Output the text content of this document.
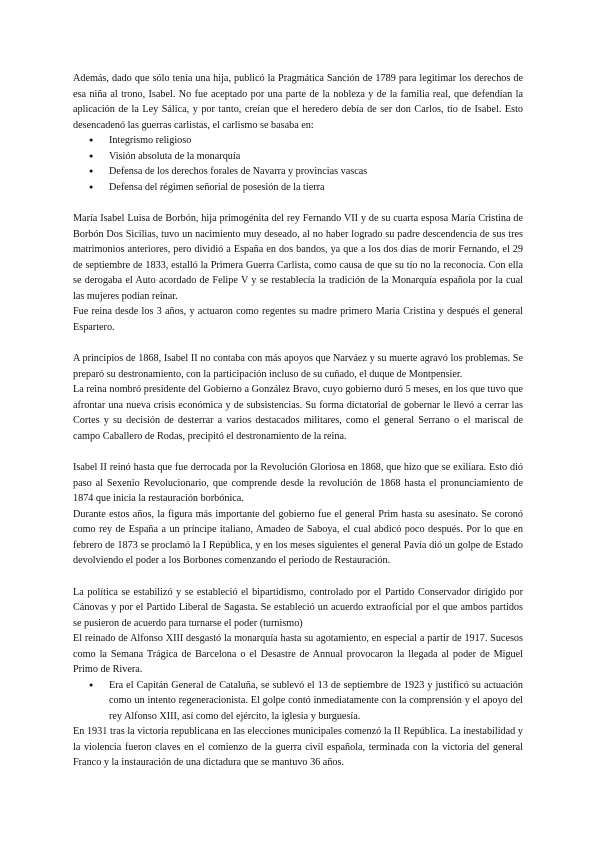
Además, dado que sólo tenía una hija, publicó la Pragmática Sanción de 1789 para legitimar los derechos de esa niña al trono, Isabel. No fue aceptado por una parte de la nobleza y de la familia real, que defendían la aplicación de la Ley Sálica, y por tanto, creían que el heredero debía de ser don Carlos, tío de Isabel. Esto desencadenó las guerras carlistas, el carlismo se basaba en:

● Integrismo religioso
● Visión absoluta de la monarquía
● Defensa de los derechos forales de Navarra y provincias vascas
● Defensa del régimen señorial de posesión de la tierra

María Isabel Luisa de Borbón, hija primogénita del rey Fernando VII y de su cuarta esposa María Cristina de Borbón Dos Sicilias, tuvo un nacimiento muy deseado, al no haber logrado su padre descendencia de sus tres matrimonios anteriores, pero dividió a España en dos bandos, ya que a los dos días de morir Fernando, el 29 de septiembre de 1833, estalló la Primera Guerra Carlista, como causa de que su tío no la reconocía. Con ella se derogaba el Auto acordado de Felipe V y se restablecía la tradición de la Monarquía española por la cual las mujeres podían reinar.

Fue reina desde los 3 años, y actuaron como regentes su madre primero María Cristina y después el general Espartero.

A principios de 1868, Isabel II no contaba con más apoyos que Narváez y su muerte agravó los problemas. Se preparó su destronamiento, con la participación incluso de su cuñado, el duque de Montpensier.

La reina nombró presidente del Gobierno a González Bravo, cuyo gobierno duró 5 meses, en los que tuvo que afrontar una nueva crisis económica y de subsistencias. Su forma dictatorial de gobernar le llevó a cerrar las Cortes y su decisión de desterrar a varios destacados militares, como el general Serrano o el mariscal de campo Caballero de Rodas, precipitó el destronamiento de la reina.

Isabel II reinó hasta que fue derrocada por la Revolución Gloriosa en 1868, que hizo que se exiliara. Esto dió paso al Sexenio Revolucionario, que comprende desde la revolución de 1868 hasta el pronunciamiento de 1874 que inicia la restauración borbónica.

Durante estos años, la figura más importante del gobierno fue el general Prim hasta su asesinato. Se coronó como rey de España a un príncipe italiano, Amadeo de Saboya, el cual abdicó poco después. Por lo que en febrero de 1873 se proclamó la I República, y en los meses siguientes el general Pavía dió un golpe de Estado devolviendo el poder a los Borbones comenzando el periodo de Restauración.

La política se estabilizó y se estableció el bipartidismo, controlado por el Partido Conservador dirigido por Cánovas y por el Partido Liberal de Sagasta. Se estableció un acuerdo extraoficial por el que ambos partidos se pusieron de acuerdo para turnarse el poder (turnismo)

El reinado de Alfonso XIII desgastó la monarquía hasta su agotamiento, en especial a partir de 1917. Sucesos como la Semana Trágica de Barcelona o el Desastre de Annual provocaron la llegada al poder de Miguel Primo de Rivera.

● Era el Capitán General de Cataluña, se sublevó el 13 de septiembre de 1923 y justificó su actuación como un intento regeneracionista. El golpe contó inmediatamente con la comprensión y el apoyo del rey Alfonso XIII, así como del ejército, la iglesia y burguesía.

En 1931 tras la victoria republicana en las elecciones municipales comenzó la II República. La inestabilidad y la violencia fueron claves en el comienzo de la guerra civil española, terminada con la victoria del general Franco y la instauración de una dictadura que se mantuvo 36 años.
